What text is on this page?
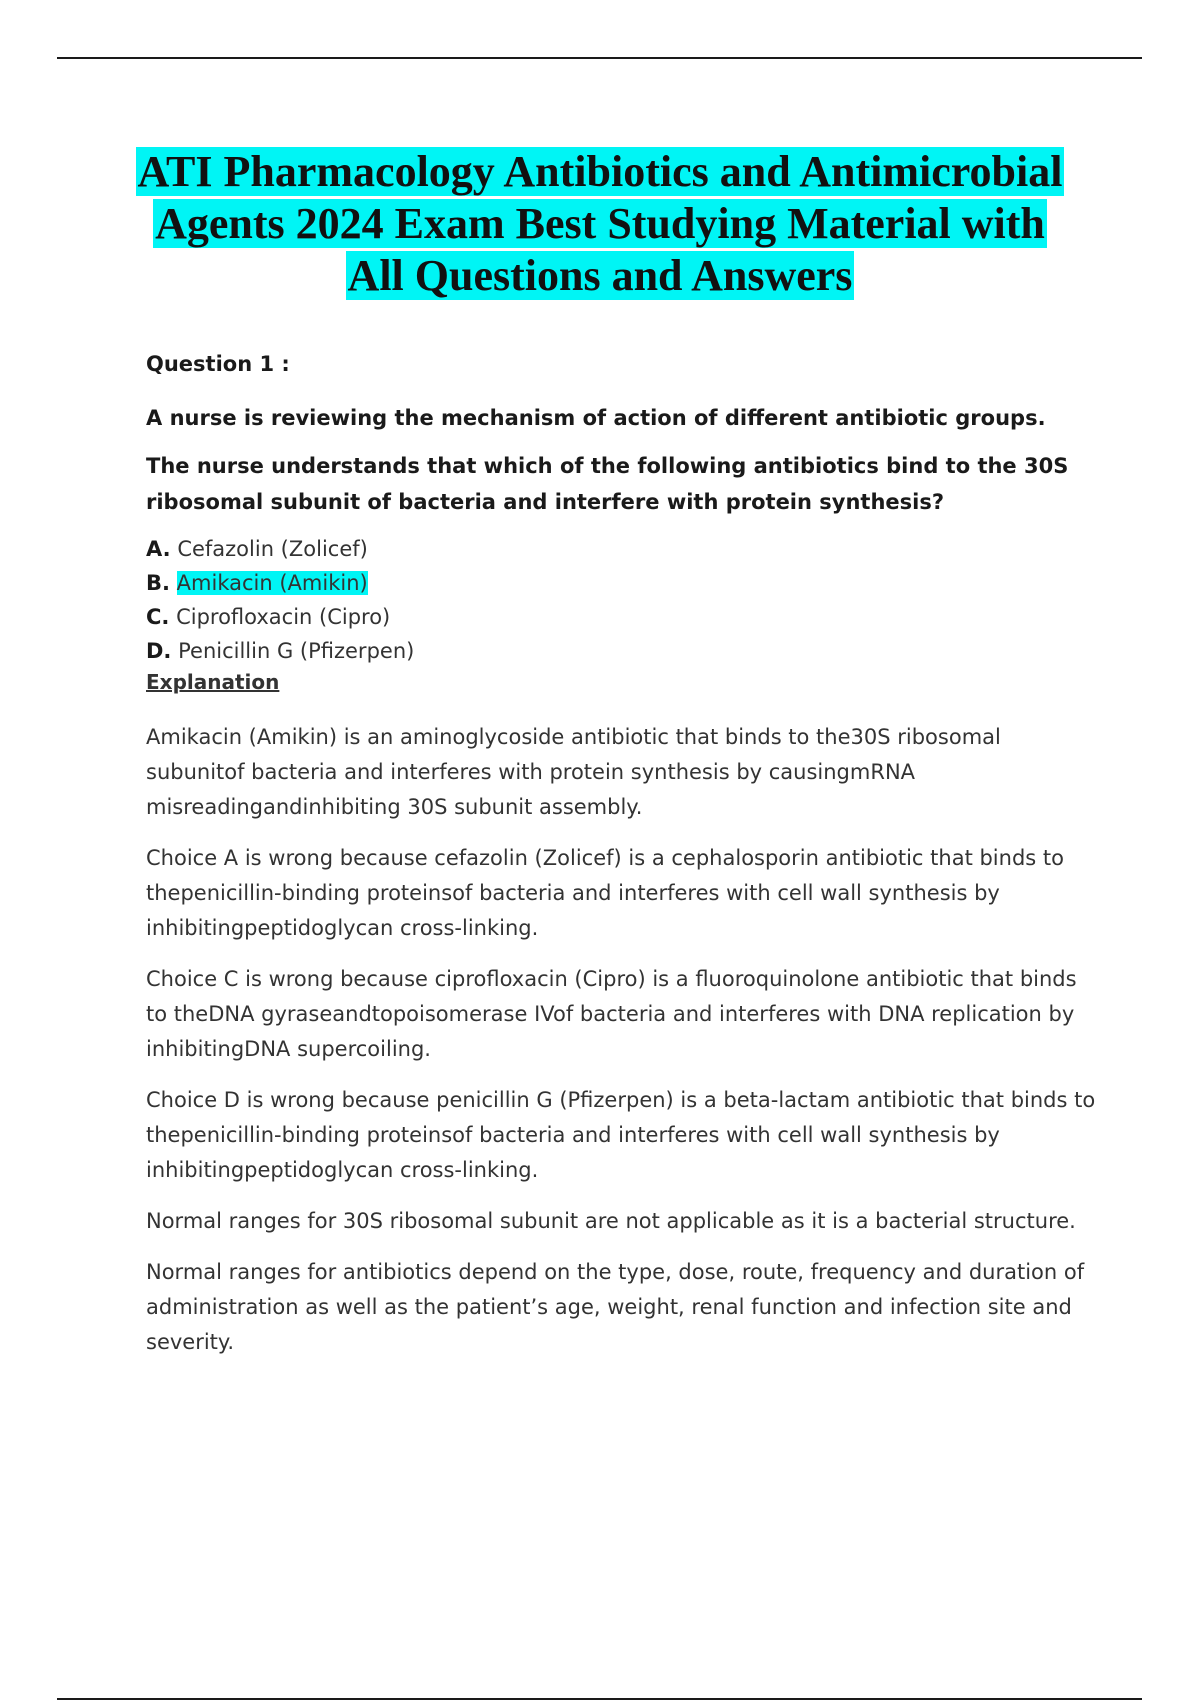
ATI Pharmacology Antibiotics and Antimicrobial
Agents 2024 Exam Best Studying Material with
All Questions and Answers
Question 1 :

A nurse is reviewing the mechanism of action of different antibiotic groups.

The nurse understands that which of the following antibiotics bind to the 30S ribosomal subunit of bacteria and interfere with protein synthesis?

A. Cefazolin (Zolicef)
B. Amikacin (Amikin)
C. Ciprofloxacin (Cipro)
D. Penicillin G (Pfizerpen)
Explanation

Amikacin (Amikin) is an aminoglycoside antibiotic that binds to the30S ribosomal subunitof bacteria and interferes with protein synthesis by causingmRNA misreadingandinhibiting 30S subunit assembly.

Choice A is wrong because cefazolin (Zolicef) is a cephalosporin antibiotic that binds to thepenicillin-binding proteinsof bacteria and interferes with cell wall synthesis by inhibitingpeptidoglycan cross-linking.

Choice C is wrong because ciprofloxacin (Cipro) is a fluoroquinolone antibiotic that binds to theDNA gyraseandtopoisomerase IVof bacteria and interferes with DNA replication by inhibitingDNA supercoiling.

Choice D is wrong because penicillin G (Pfizerpen) is a beta-lactam antibiotic that binds to thepenicillin-binding proteinsof bacteria and interferes with cell wall synthesis by inhibitingpeptidoglycan cross-linking.

Normal ranges for 30S ribosomal subunit are not applicable as it is a bacterial structure.

Normal ranges for antibiotics depend on the type, dose, route, frequency and duration of administration as well as the patient’s age, weight, renal function and infection site and severity.
